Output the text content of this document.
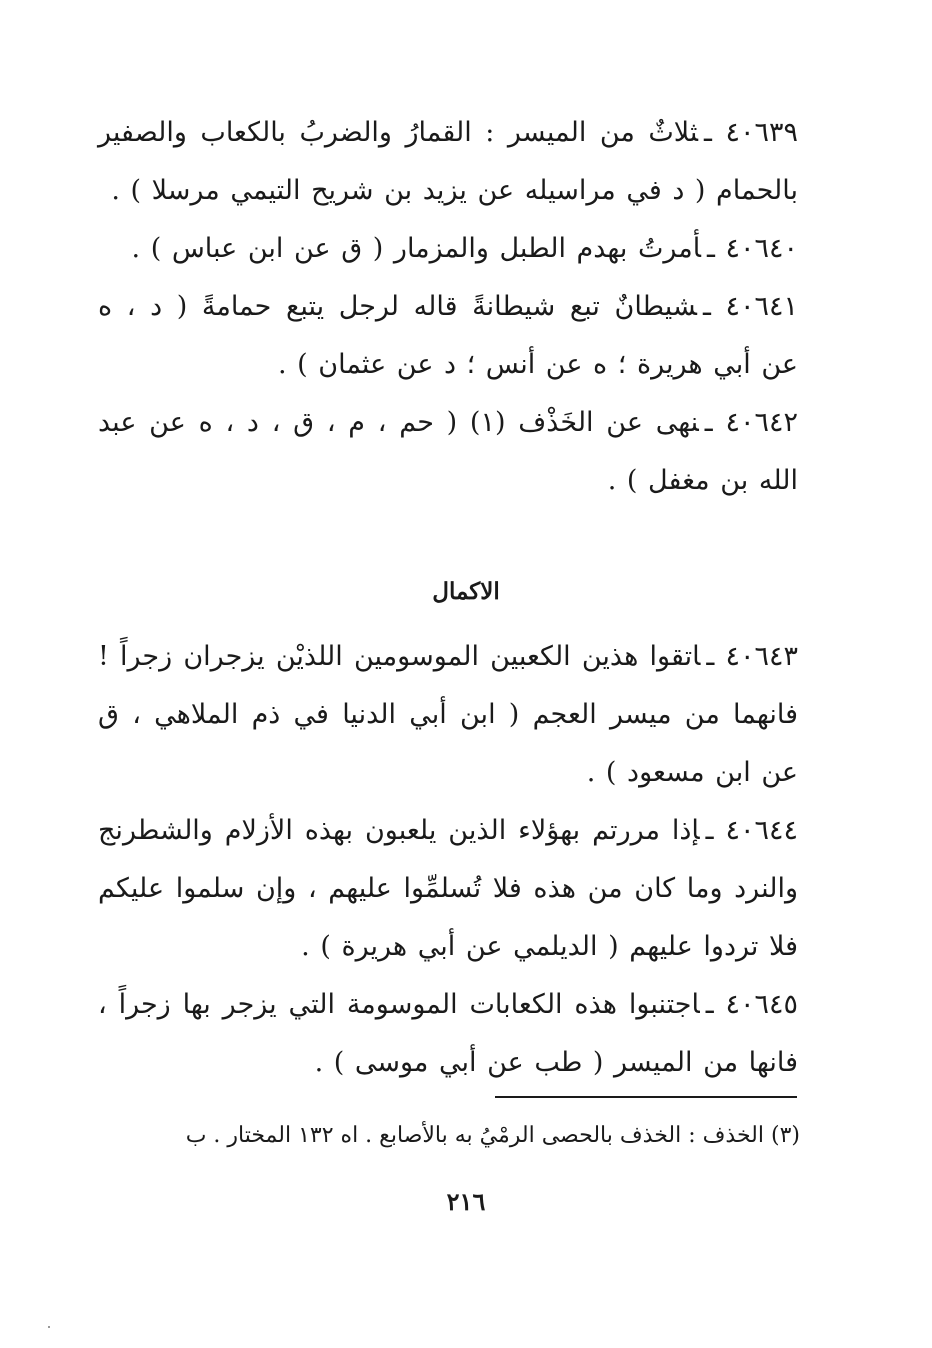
٤٠٦٣٩ ـثلاثٌ من الميسر : القمارُ والضربُ بالكعاب والصفير بالحمام ( د في مراسيله عن يزيد بن شريح التيمي مرسلا ) .

٤٠٦٤٠ ـأمرتُ بهدم الطبل والمزمار ( ق عن ابن عباس ) .

٤٠٦٤١ ـشيطانٌ تبع شيطانةً قاله لرجل يتبع حمامةً ( د ، ه عن أبي هريرة ؛ ه عن أنس ؛ د عن عثمان ) .

٤٠٦٤٢ ـنهى عن الخَذْف (١) ( حم ، م ، ق ، د ، ه عن عبد الله بن مغفل ) .

الاكمال

٤٠٦٤٣ ـاتقوا هذين الكعبين الموسومين اللذيْن يزجران زجراً ! فانهما من ميسر العجم ( ابن أبي الدنيا في ذم الملاهي ، ق عن ابن مسعود ) .

٤٠٦٤٤ ـإذا مررتم بهؤلاء الذين يلعبون بهذه الأزلام والشطرنج والنرد وما كان من هذه فلا تُسلمِّوا عليهم ، وإن سلموا عليكم فلا تردوا عليهم ( الديلمي عن أبي هريرة ) .

٤٠٦٤٥ ـاجتنبوا هذه الكعابات الموسومة التي يزجر بها زجراً ، فانها من الميسر ( طب عن أبي موسى ) .

(٣) الخذف : الخذف بالحصى الرمْيُ به بالأصابع . اه ١٣٢ المختار . ب
٢١٦
